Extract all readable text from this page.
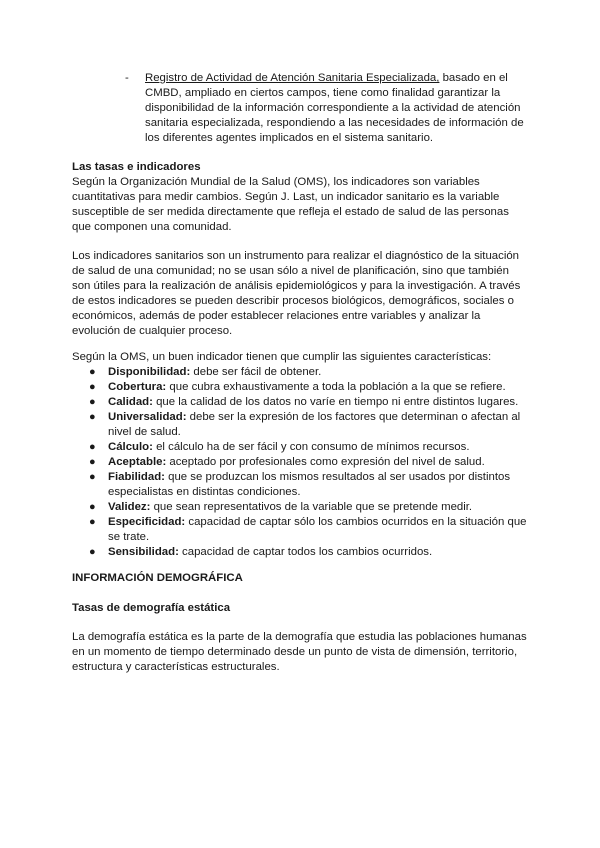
- Registro de Actividad de Atención Sanitaria Especializada, basado en el CMBD, ampliado en ciertos campos, tiene como finalidad garantizar la disponibilidad de la información correspondiente a la actividad de atención sanitaria especializada, respondiendo a las necesidades de información de los diferentes agentes implicados en el sistema sanitario.

Las tasas e indicadores

Según la Organización Mundial de la Salud (OMS), los indicadores son variables cuantitativas para medir cambios. Según J. Last, un indicador sanitario es la variable susceptible de ser medida directamente que refleja el estado de salud de las personas que componen una comunidad.

Los indicadores sanitarios son un instrumento para realizar el diagnóstico de la situación de salud de una comunidad; no se usan sólo a nivel de planificación, sino que también son útiles para la realización de análisis epidemiológicos y para la investigación. A través de estos indicadores se pueden describir procesos biológicos, demográficos, sociales o económicos, además de poder establecer relaciones entre variables y analizar la evolución de cualquier proceso.

Según la OMS, un buen indicador tienen que cumplir las siguientes características:

● Disponibilidad: debe ser fácil de obtener.
● Cobertura: que cubra exhaustivamente a toda la población a la que se refiere.
● Calidad: que la calidad de los datos no varíe en tiempo ni entre distintos lugares.
● Universalidad: debe ser la expresión de los factores que determinan o afectan al nivel de salud.
● Cálculo: el cálculo ha de ser fácil y con consumo de mínimos recursos.
● Aceptable: aceptado por profesionales como expresión del nivel de salud.
● Fiabilidad: que se produzcan los mismos resultados al ser usados por distintos especialistas en distintas condiciones.
● Validez: que sean representativos de la variable que se pretende medir.
● Especificidad: capacidad de captar sólo los cambios ocurridos en la situación que se trate.
● Sensibilidad: capacidad de captar todos los cambios ocurridos.

INFORMACIÓN DEMOGRÁFICA

Tasas de demografía estática

La demografía estática es la parte de la demografía que estudia las poblaciones humanas en un momento de tiempo determinado desde un punto de vista de dimensión, territorio, estructura y características estructurales.
